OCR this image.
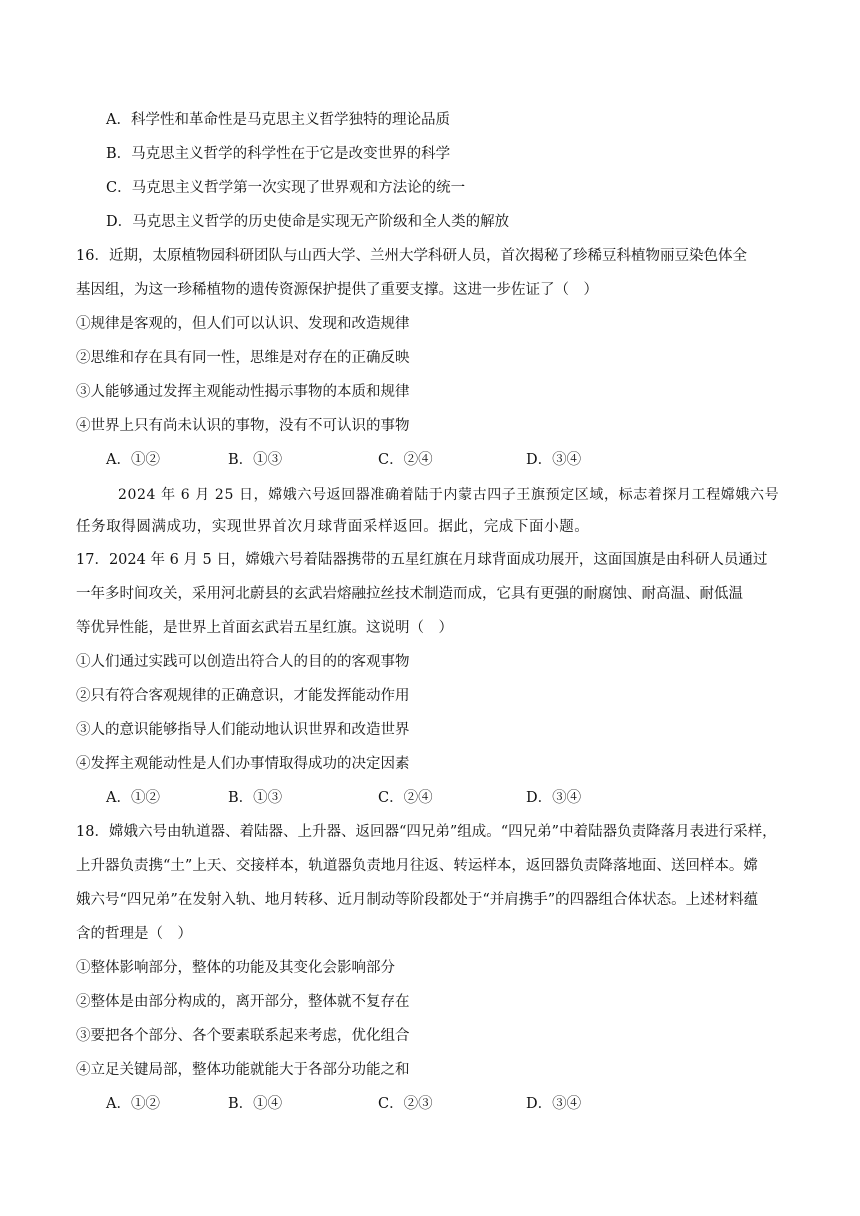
A．科学性和革命性是马克思主义哲学独特的理论品质
B．马克思主义哲学的科学性在于它是改变世界的科学
C．马克思主义哲学第一次实现了世界观和方法论的统一
D．马克思主义哲学的历史使命是实现无产阶级和全人类的解放
16．近期，太原植物园科研团队与山西大学、兰州大学科研人员，首次揭秘了珍稀豆科植物丽豆染色体全
基因组，为这一珍稀植物的遗传资源保护提供了重要支撑。这进一步佐证了（　）
①规律是客观的，但人们可以认识、发现和改造规律
②思维和存在具有同一性，思维是对存在的正确反映
③人能够通过发挥主观能动性揭示事物的本质和规律
④世界上只有尚未认识的事物，没有不可认识的事物
A．①②	B．①③	C．②④	D．③④
2024 年 6 月 25 日，嫦娥六号返回器准确着陆于内蒙古四子王旗预定区域，标志着探月工程嫦娥六号
任务取得圆满成功，实现世界首次月球背面采样返回。据此，完成下面小题。
17．2024 年 6 月 5 日，嫦娥六号着陆器携带的五星红旗在月球背面成功展开，这面国旗是由科研人员通过
一年多时间攻关，采用河北蔚县的玄武岩熔融拉丝技术制造而成，它具有更强的耐腐蚀、耐高温、耐低温
等优异性能，是世界上首面玄武岩五星红旗。这说明（　）
①人们通过实践可以创造出符合人的目的的客观事物
②只有符合客观规律的正确意识，才能发挥能动作用
③人的意识能够指导人们能动地认识世界和改造世界
④发挥主观能动性是人们办事情取得成功的决定因素
A．①②	B．①③	C．②④	D．③④
18．嫦娥六号由轨道器、着陆器、上升器、返回器“四兄弟”组成。“四兄弟”中着陆器负责降落月表进行采样，
上升器负责携“土”上天、交接样本，轨道器负责地月往返、转运样本，返回器负责降落地面、送回样本。嫦
娥六号“四兄弟”在发射入轨、地月转移、近月制动等阶段都处于“并肩携手”的四器组合体状态。上述材料蕴
含的哲理是（　）
①整体影响部分，整体的功能及其变化会影响部分
②整体是由部分构成的，离开部分，整体就不复存在
③要把各个部分、各个要素联系起来考虑，优化组合
④立足关键局部，整体功能就能大于各部分功能之和
A．①②	B．①④	C．②③	D．③④
